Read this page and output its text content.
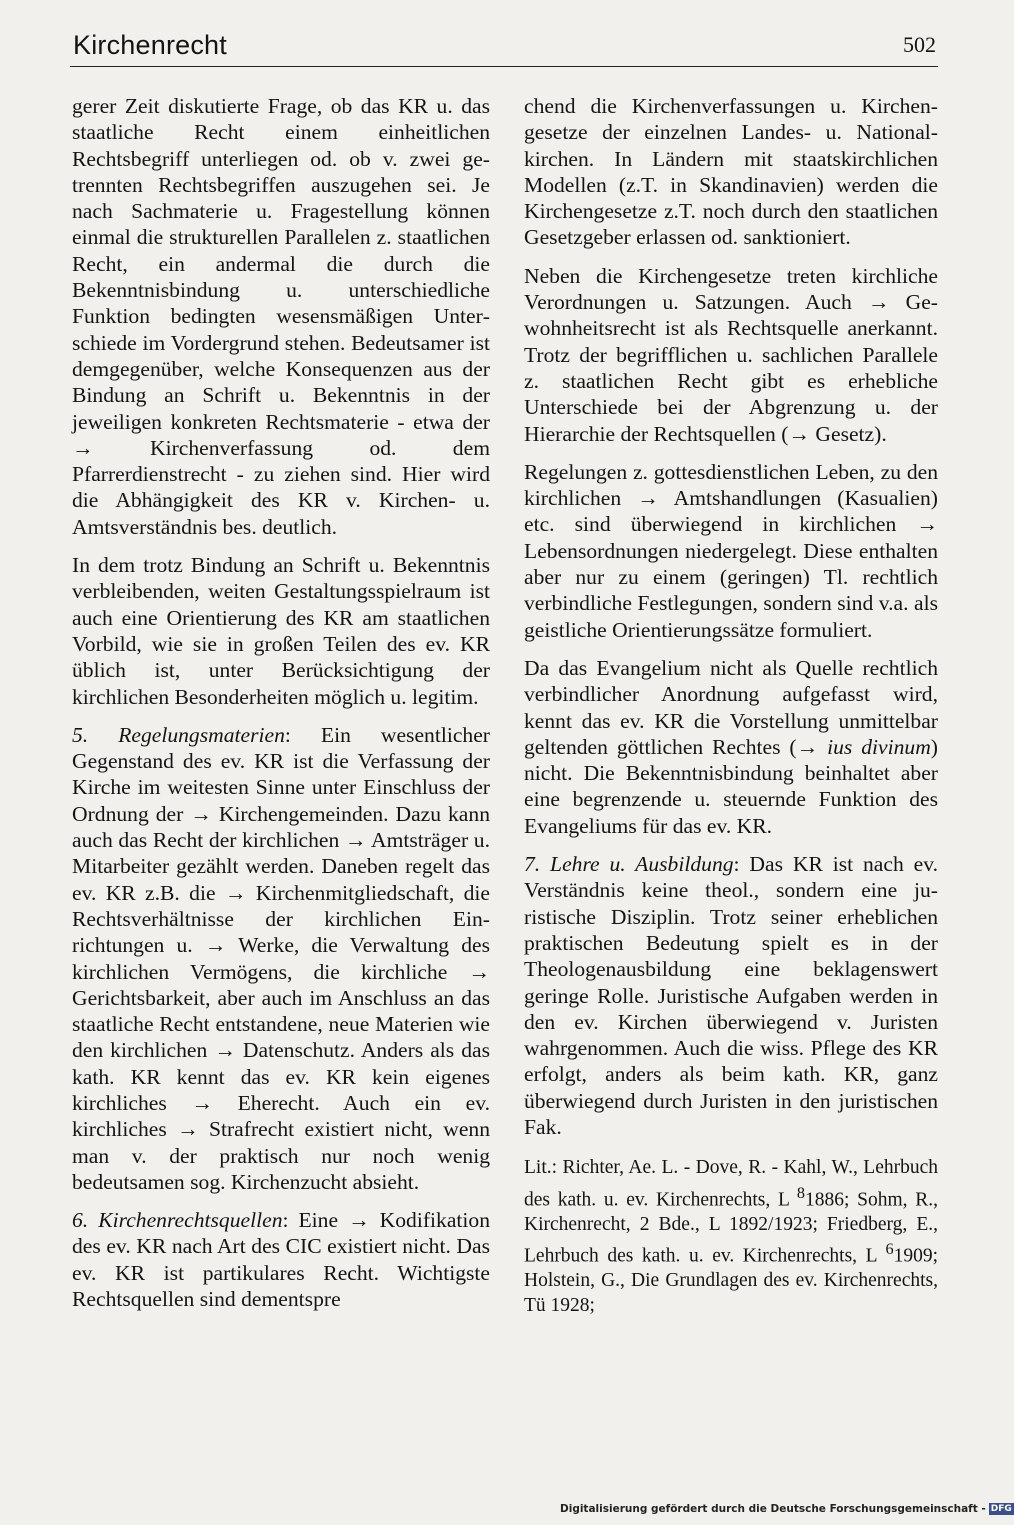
Kirchenrecht	502

gerer Zeit diskutierte Frage, ob das KR u. das staatliche Recht einem einheitlichen Rechtsbegriff unterliegen od. ob v. zwei getrennten Rechtsbegriffen auszugehen sei. Je nach Sachmaterie u. Fragestellung können einmal die strukturellen Parallelen z. staatlichen Recht, ein andermal die durch die Bekenntnisbindung u. unterschiedliche Funktion bedingten wesensmäßigen Unterschiede im Vordergrund stehen. Bedeutsamer ist demgegenüber, welche Konsequenzen aus der Bindung an Schrift u. Bekenntnis in der jeweiligen konkreten Rechtsmaterie - etwa der → Kirchenverfassung od. dem Pfarrerdienstrecht - zu ziehen sind. Hier wird die Abhängigkeit des KR v. Kirchen- u. Amtsverständnis bes. deutlich.

In dem trotz Bindung an Schrift u. Bekenntnis verbleibenden, weiten Gestaltungsspielraum ist auch eine Orientierung des KR am staatlichen Vorbild, wie sie in großen Teilen des ev. KR üblich ist, unter Berücksichtigung der kirchlichen Besonderheiten möglich u. legitim.

5. Regelungsmaterien: Ein wesentlicher Gegenstand des ev. KR ist die Verfassung der Kirche im weitesten Sinne unter Einschluss der Ordnung der → Kirchengemeinden. Dazu kann auch das Recht der kirchlichen → Amtsträger u. Mitarbeiter gezählt werden. Daneben regelt das ev. KR z.B. die → Kirchenmitgliedschaft, die Rechtsverhältnisse der kirchlichen Einrichtungen u. → Werke, die Verwaltung des kirchlichen Vermögens, die kirchliche → Gerichtsbarkeit, aber auch im Anschluss an das staatliche Recht entstandene, neue Materien wie den kirchlichen → Datenschutz. Anders als das kath. KR kennt das ev. KR kein eigenes kirchliches → Eherecht. Auch ein ev. kirchliches → Strafrecht existiert nicht, wenn man v. der praktisch nur noch wenig bedeutsamen sog. Kirchenzucht absieht.

6. Kirchenrechtsquellen: Eine → Kodifikation des ev. KR nach Art des CIC existiert nicht. Das ev. KR ist partikulares Recht. Wichtigste Rechtsquellen sind dementspre

chend die Kirchenverfassungen u. Kirchengesetze der einzelnen Landes- u. Nationalkirchen. In Ländern mit staatskirchlichen Modellen (z.T. in Skandinavien) werden die Kirchengesetze z.T. noch durch den staatlichen Gesetzgeber erlassen od. sanktioniert.

Neben die Kirchengesetze treten kirchliche Verordnungen u. Satzungen. Auch → Gewohnheitsrecht ist als Rechtsquelle anerkannt. Trotz der begrifflichen u. sachlichen Parallele z. staatlichen Recht gibt es erhebliche Unterschiede bei der Abgrenzung u. der Hierarchie der Rechtsquellen (→ Gesetz).

Regelungen z. gottesdienstlichen Leben, zu den kirchlichen → Amtshandlungen (Kasualien) etc. sind überwiegend in kirchlichen → Lebensordnungen niedergelegt. Diese enthalten aber nur zu einem (geringen) Tl. rechtlich verbindliche Festlegungen, sondern sind v.a. als geistliche Orientierungssätze formuliert.

Da das Evangelium nicht als Quelle rechtlich verbindlicher Anordnung aufgefasst wird, kennt das ev. KR die Vorstellung unmittelbar geltenden göttlichen Rechtes (→ ius divinum) nicht. Die Bekenntnisbindung beinhaltet aber eine begrenzende u. steuernde Funktion des Evangeliums für das ev. KR.

7. Lehre u. Ausbildung: Das KR ist nach ev. Verständnis keine theol., sondern eine juristische Disziplin. Trotz seiner erheblichen praktischen Bedeutung spielt es in der Theologenausbildung eine beklagenswert geringe Rolle. Juristische Aufgaben werden in den ev. Kirchen überwiegend v. Juristen wahrgenommen. Auch die wiss. Pflege des KR erfolgt, anders als beim kath. KR, ganz überwiegend durch Juristen in den juristischen Fak.

Lit.: Richter, Ae. L. - Dove, R. - Kahl, W., Lehrbuch des kath. u. ev. Kirchenrechts, L $^8$1886; Sohm, R., Kirchenrecht, 2 Bde., L 1892/1923; Friedberg, E., Lehrbuch des kath. u. ev. Kirchenrechts, L $^6$1909; Holstein, G., Die Grundlagen des ev. Kirchenrechts, Tü 1928;

Digitalisierung gefördert durch die Deutsche Forschungsgemeinschaft - DFG
